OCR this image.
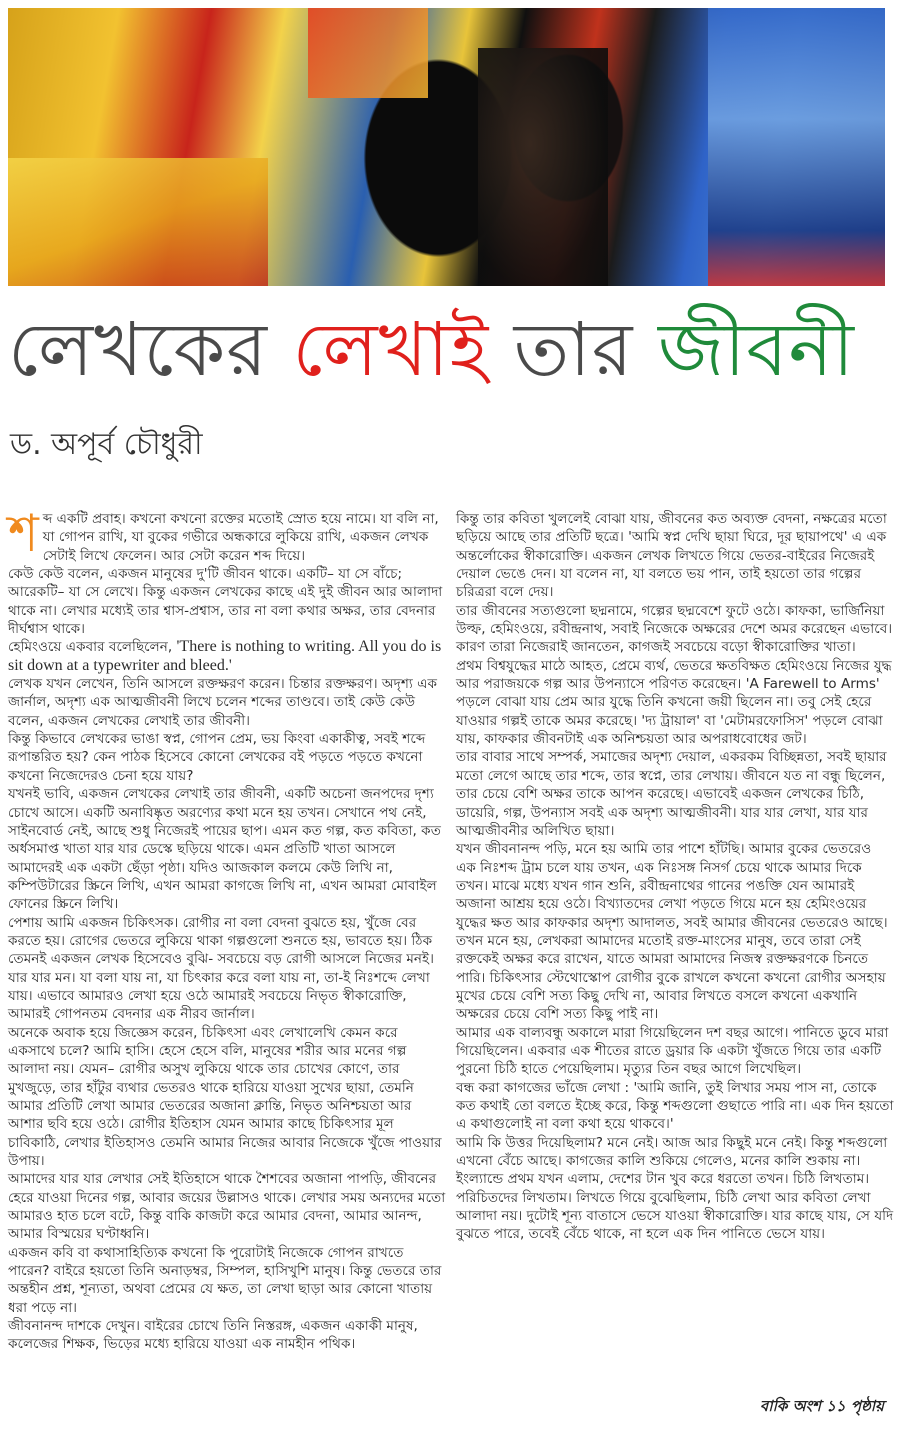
লেখকের লেখাই তার জীবনী
ড. অপূর্ব চৌধুরী

শব্দ একটি প্রবাহ। কখনো কখনো রক্তের মতোই স্রোত হয়ে নামে। যা বলি না, যা গোপন রাখি, যা বুকের গভীরে অন্ধকারে লুকিয়ে রাখি, একজন লেখক সেটাই লিখে ফেলেন। আর সেটা করেন শব্দ দিয়ে।

কেউ কেউ বলেন, একজন মানুষের দু'টি জীবন থাকে। একটি– যা সে বাঁচে; আরেকটি– যা সে লেখে। কিন্তু একজন লেখকের কাছে এই দুই জীবন আর আলাদা থাকে না। লেখার মধ্যেই তার শ্বাস-প্রশ্বাস, তার না বলা কথার অক্ষর, তার বেদনার দীর্ঘশ্বাস থাকে।

হেমিংওয়ে একবার বলেছিলেন, 'There is nothing to writing. All you do is sit down at a typewriter and bleed.'

লেখক যখন লেখেন, তিনি আসলে রক্তক্ষরণ করেন। চিন্তার রক্তক্ষরণ। অদৃশ্য এক জার্নাল, অদৃশ্য এক আত্মজীবনী লিখে চলেন শব্দের তাণ্ডবে। তাই কেউ কেউ বলেন, একজন লেখকের লেখাই তার জীবনী।

কিন্তু কিভাবে লেখকের ভাঙা স্বপ্ন, গোপন প্রেম, ভয় কিংবা একাকীত্ব, সবই শব্দে রূপান্তরিত হয়? কেন পাঠক হিসেবে কোনো লেখকের বই পড়তে পড়তে কখনো কখনো নিজেদেরও চেনা হয়ে যায়?

যখনই ভাবি, একজন লেখকের লেখাই তার জীবনী, একটি অচেনা জনপদের দৃশ্য চোখে আসে। একটি অনাবিষ্কৃত অরণ্যের কথা মনে হয় তখন। সেখানে পথ নেই, সাইনবোর্ড নেই, আছে শুধু নিজেরই পায়ের ছাপ। এমন কত গল্প, কত কবিতা, কত অর্ধসমাপ্ত খাতা যার যার ডেস্কে ছড়িয়ে থাকে। এমন প্রতিটি খাতা আসলে আমাদেরই এক একটা ছেঁড়া পৃষ্ঠা। যদিও আজকাল কলমে কেউ লিখি না, কম্পিউটারের স্ক্রিনে লিখি, এখন আমরা কাগজে লিখি না, এখন আমরা মোবাইল ফোনের স্ক্রিনে লিখি।

পেশায় আমি একজন চিকিৎসক। রোগীর না বলা বেদনা বুঝতে হয়, খুঁজে বের করতে হয়। রোগের ভেতরে লুকিয়ে থাকা গল্পগুলো শুনতে হয়, ভাবতে হয়। ঠিক তেমনই একজন লেখক হিসেবেও বুঝি- সবচেয়ে বড় রোগী আসলে নিজের মনই। যার যার মন। যা বলা যায় না, যা চিৎকার করে বলা যায় না, তা-ই নিঃশব্দে লেখা যায়। এভাবে আমারও লেখা হয়ে ওঠে আমারই সবচেয়ে নিভৃত স্বীকারোক্তি, আমারই গোপনতম বেদনার এক নীরব জার্নাল।

অনেকে অবাক হয়ে জিজ্ঞেস করেন, চিকিৎসা এবং লেখালেখি কেমন করে একসাথে চলে? আমি হাসি। হেসে হেসে বলি, মানুষের শরীর আর মনের গল্প আলাদা নয়। যেমন– রোগীর অসুখ লুকিয়ে থাকে তার চোখের কোণে, তার মুখজুড়ে, তার হাঁটুর ব্যথার ভেতরও থাকে হারিয়ে যাওয়া সুখের ছায়া, তেমনি আমার প্রতিটি লেখা আমার ভেতরের অজানা ক্লান্তি, নিভৃত অনিশ্চয়তা আর আশার ছবি হয়ে ওঠে। রোগীর ইতিহাস যেমন আমার কাছে চিকিৎসার মূল চাবিকাঠি, লেখার ইতিহাসও তেমনি আমার নিজের আবার নিজেকে খুঁজে পাওয়ার উপায়।

আমাদের যার যার লেখার সেই ইতিহাসে থাকে শৈশবের অজানা পাপড়ি, জীবনের হেরে যাওয়া দিনের গল্প, আবার জয়ের উল্লাসও থাকে। লেখার সময় অন্যদের মতো আমারও হাত চলে বটে, কিন্তু বাকি কাজটা করে আমার বেদনা, আমার আনন্দ, আমার বিস্ময়ের ঘণ্টাধ্বনি।

একজন কবি বা কথাসাহিত্যিক কখনো কি পুরোটাই নিজেকে গোপন রাখতে পারেন? বাইরে হয়তো তিনি অনাড়ম্বর, সিম্পল, হাসিখুশি মানুষ। কিন্তু ভেতরে তার অন্তহীন প্রশ্ন, শূন্যতা, অথবা প্রেমের যে ক্ষত, তা লেখা ছাড়া আর কোনো খাতায় ধরা পড়ে না।

জীবনানন্দ দাশকে দেখুন। বাইরের চোখে তিনি নিস্তরঙ্গ, একজন একাকী মানুষ, কলেজের শিক্ষক, ভিড়ের মধ্যে হারিয়ে যাওয়া এক নামহীন পথিক।

কিন্তু তার কবিতা খুললেই বোঝা যায়, জীবনের কত অব্যক্ত বেদনা, নক্ষত্রের মতো ছড়িয়ে আছে তার প্রতিটি ছত্রে। 'আমি স্বপ্ন দেখি ছায়া ঘিরে, দূর ছায়াপথে' এ এক অন্তর্লোকের স্বীকারোক্তি। একজন লেখক লিখতে গিয়ে ভেতর-বাইরের নিজেরই দেয়াল ভেঙে দেন। যা বলেন না, যা বলতে ভয় পান, তাই হয়তো তার গল্পের চরিত্ররা বলে দেয়।

তার জীবনের সত্যগুলো ছদ্মনামে, গল্পের ছদ্মবেশে ফুটে ওঠে। কাফকা, ভার্জিনিয়া উল্ফ, হেমিংওয়ে, রবীন্দ্রনাথ, সবাই নিজেকে অক্ষরের দেশে অমর করেছেন এভাবে। কারণ তারা নিজেরাই জানতেন, কাগজই সবচেয়ে বড়ো স্বীকারোক্তির খাতা।

প্রথম বিশ্বযুদ্ধের মাঠে আহত, প্রেমে ব্যর্থ, ভেতরে ক্ষতবিক্ষত হেমিংওয়ে নিজের যুদ্ধ আর পরাজয়কে গল্প আর উপন্যাসে পরিণত করেছেন। 'A Farewell to Arms' পড়লে বোঝা যায় প্রেম আর যুদ্ধে তিনি কখনো জয়ী ছিলেন না। তবু সেই হেরে যাওয়ার গল্পই তাকে অমর করেছে। 'দ্য ট্রায়াল' বা 'মেটামরফোসিস' পড়লে বোঝা যায়, কাফকার জীবনটাই এক অনিশ্চয়তা আর অপরাধবোধের জট।

তার বাবার সাথে সম্পর্ক, সমাজের অদৃশ্য দেয়াল, একরকম বিচ্ছিন্নতা, সবই ছায়ার মতো লেগে আছে তার শব্দে, তার স্বপ্নে, তার লেখায়। জীবনে যত না বন্ধু ছিলেন, তার চেয়ে বেশি অক্ষর তাকে আপন করেছে। এভাবেই একজন লেখকের চিঠি, ডায়েরি, গল্প, উপন্যাস সবই এক অদৃশ্য আত্মজীবনী। যার যার লেখা, যার যার আত্মজীবনীর অলিখিত ছায়া।

যখন জীবনানন্দ পড়ি, মনে হয় আমি তার পাশে হাঁটছি। আমার বুকের ভেতরেও এক নিঃশব্দ ট্রাম চলে যায় তখন, এক নিঃসঙ্গ নিসর্গ চেয়ে থাকে আমার দিকে তখন। মাঝে মধ্যে যখন গান শুনি, রবীন্দ্রনাথের গানের পঙক্তি যেন আমারই অজানা আশ্রয় হয়ে ওঠে। বিখ্যাতদের লেখা পড়তে গিয়ে মনে হয় হেমিংওয়ের যুদ্ধের ক্ষত আর কাফকার অদৃশ্য আদালত, সবই আমার জীবনের ভেতরেও আছে। তখন মনে হয়, লেখকরা আমাদের মতোই রক্ত-মাংসের মানুষ, তবে তারা সেই রক্তকেই অক্ষর করে রাখেন, যাতে আমরা আমাদের নিজস্ব রক্তক্ষরণকে চিনতে পারি। চিকিৎসার স্টেথোস্কোপ রোগীর বুকে রাখলে কখনো কখনো রোগীর অসহায় মুখের চেয়ে বেশি সত্য কিছু দেখি না, আবার লিখতে বসলে কখনো একখানি অক্ষরের চেয়ে বেশি সত্য কিছু পাই না।

আমার এক বাল্যবন্ধু অকালে মারা গিয়েছিলেন দশ বছর আগে। পানিতে ডুবে মারা গিয়েছিলেন। একবার এক শীতের রাতে ড্রয়ার কি একটা খুঁজতে গিয়ে তার একটি পুরনো চিঠি হাতে পেয়েছিলাম। মৃত্যুর তিন বছর আগে লিখেছিল।

বন্ধ করা কাগজের ভাঁজে লেখা : 'আমি জানি, তুই লিখার সময় পাস না, তোকে কত কথাই তো বলতে ইচ্ছে করে, কিন্তু শব্দগুলো গুছাতে পারি না। এক দিন হয়তো এ কথাগুলোই না বলা কথা হয়ে থাকবে।'

আমি কি উত্তর দিয়েছিলাম? মনে নেই। আজ আর কিছুই মনে নেই। কিন্তু শব্দগুলো এখনো বেঁচে আছে। কাগজের কালি শুকিয়ে গেলেও, মনের কালি শুকায় না।

ইংল্যান্ডে প্রথম যখন এলাম, দেশের টান খুব করে ধরতো তখন। চিঠি লিখতাম। পরিচিতদের লিখতাম। লিখতে গিয়ে বুঝেছিলাম, চিঠি লেখা আর কবিতা লেখা আলাদা নয়। দুটোই শূন্য বাতাসে ভেসে যাওয়া স্বীকারোক্তি। যার কাছে যায়, সে যদি বুঝতে পারে, তবেই বেঁচে থাকে, না হলে এক দিন পানিতে ভেসে যায়।

বাকি অংশ ১১ পৃষ্ঠায়
